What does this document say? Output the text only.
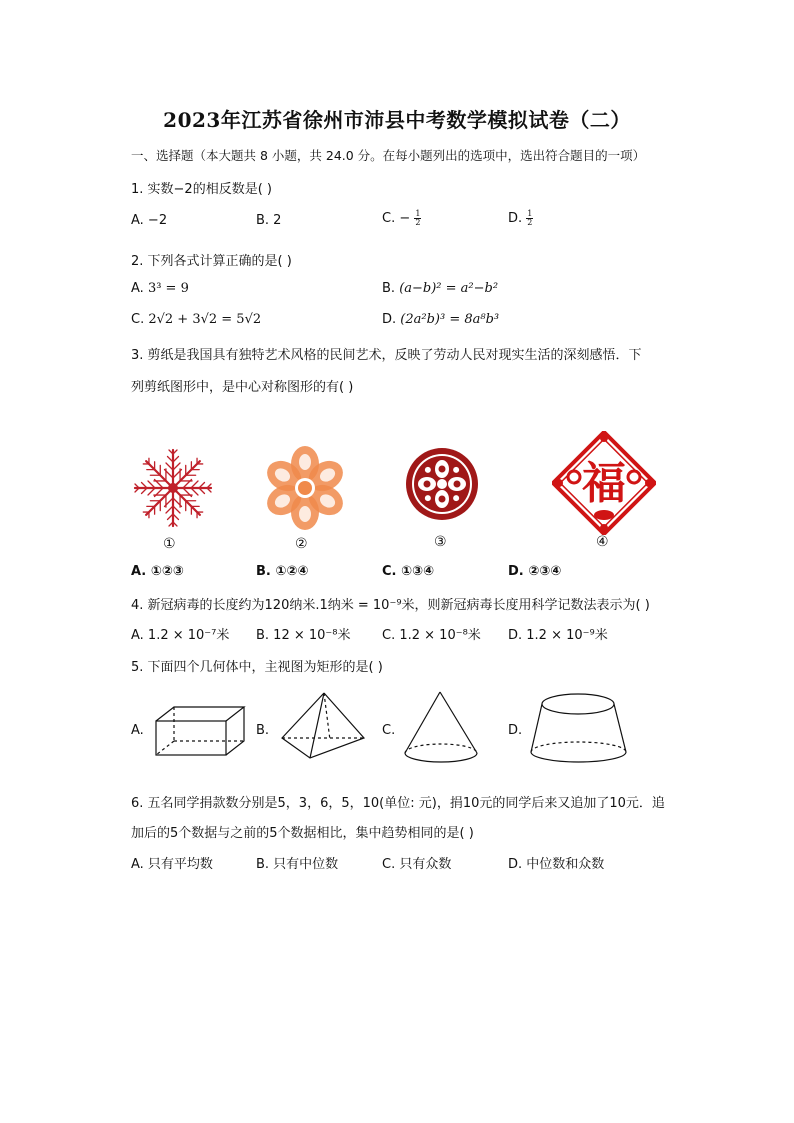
2023年江苏省徐州市沛县中考数学模拟试卷（二）
一、选择题（本大题共 8 小题，共 24.0 分。在每小题列出的选项中，选出符合题目的一项）
1. 实数−2的相反数是( )
A. −2	B. 2	C. − $\frac{1}{2}$	D. $\frac{1}{2}$
2. 下列各式计算正确的是( )
A. 3³ = 9	B. (a−b)² = a²−b²
C. 2√2 + 3√2 = 5√2	D. (2a²b)³ = 8a⁸b³
3. 剪纸是我国具有独特艺术风格的民间艺术，反映了劳动人民对现实生活的深刻感悟．下
列剪纸图形中，是中心对称图形的有( )
福
①	②	③	④
A. ①②③	B. ①②④	C. ①③④	D. ②③④
4. 新冠病毒的长度约为120纳米.1纳米 = 10⁻⁹米，则新冠病毒长度用科学记数法表示为( )
A. 1.2 × 10⁻⁷米 B. 12 × 10⁻⁸米 C. 1.2 × 10⁻⁸米 D. 1.2 × 10⁻⁹米
5. 下面四个几何体中，主视图为矩形的是( )
A.	B.	C.	D.
6. 五名同学捐款数分别是5，3，6，5，10(单位: 元)，捐10元的同学后来又追加了10元．追
加后的5个数据与之前的5个数据相比，集中趋势相同的是( )
A. 只有平均数	B. 只有中位数	C. 只有众数	D. 中位数和众数
